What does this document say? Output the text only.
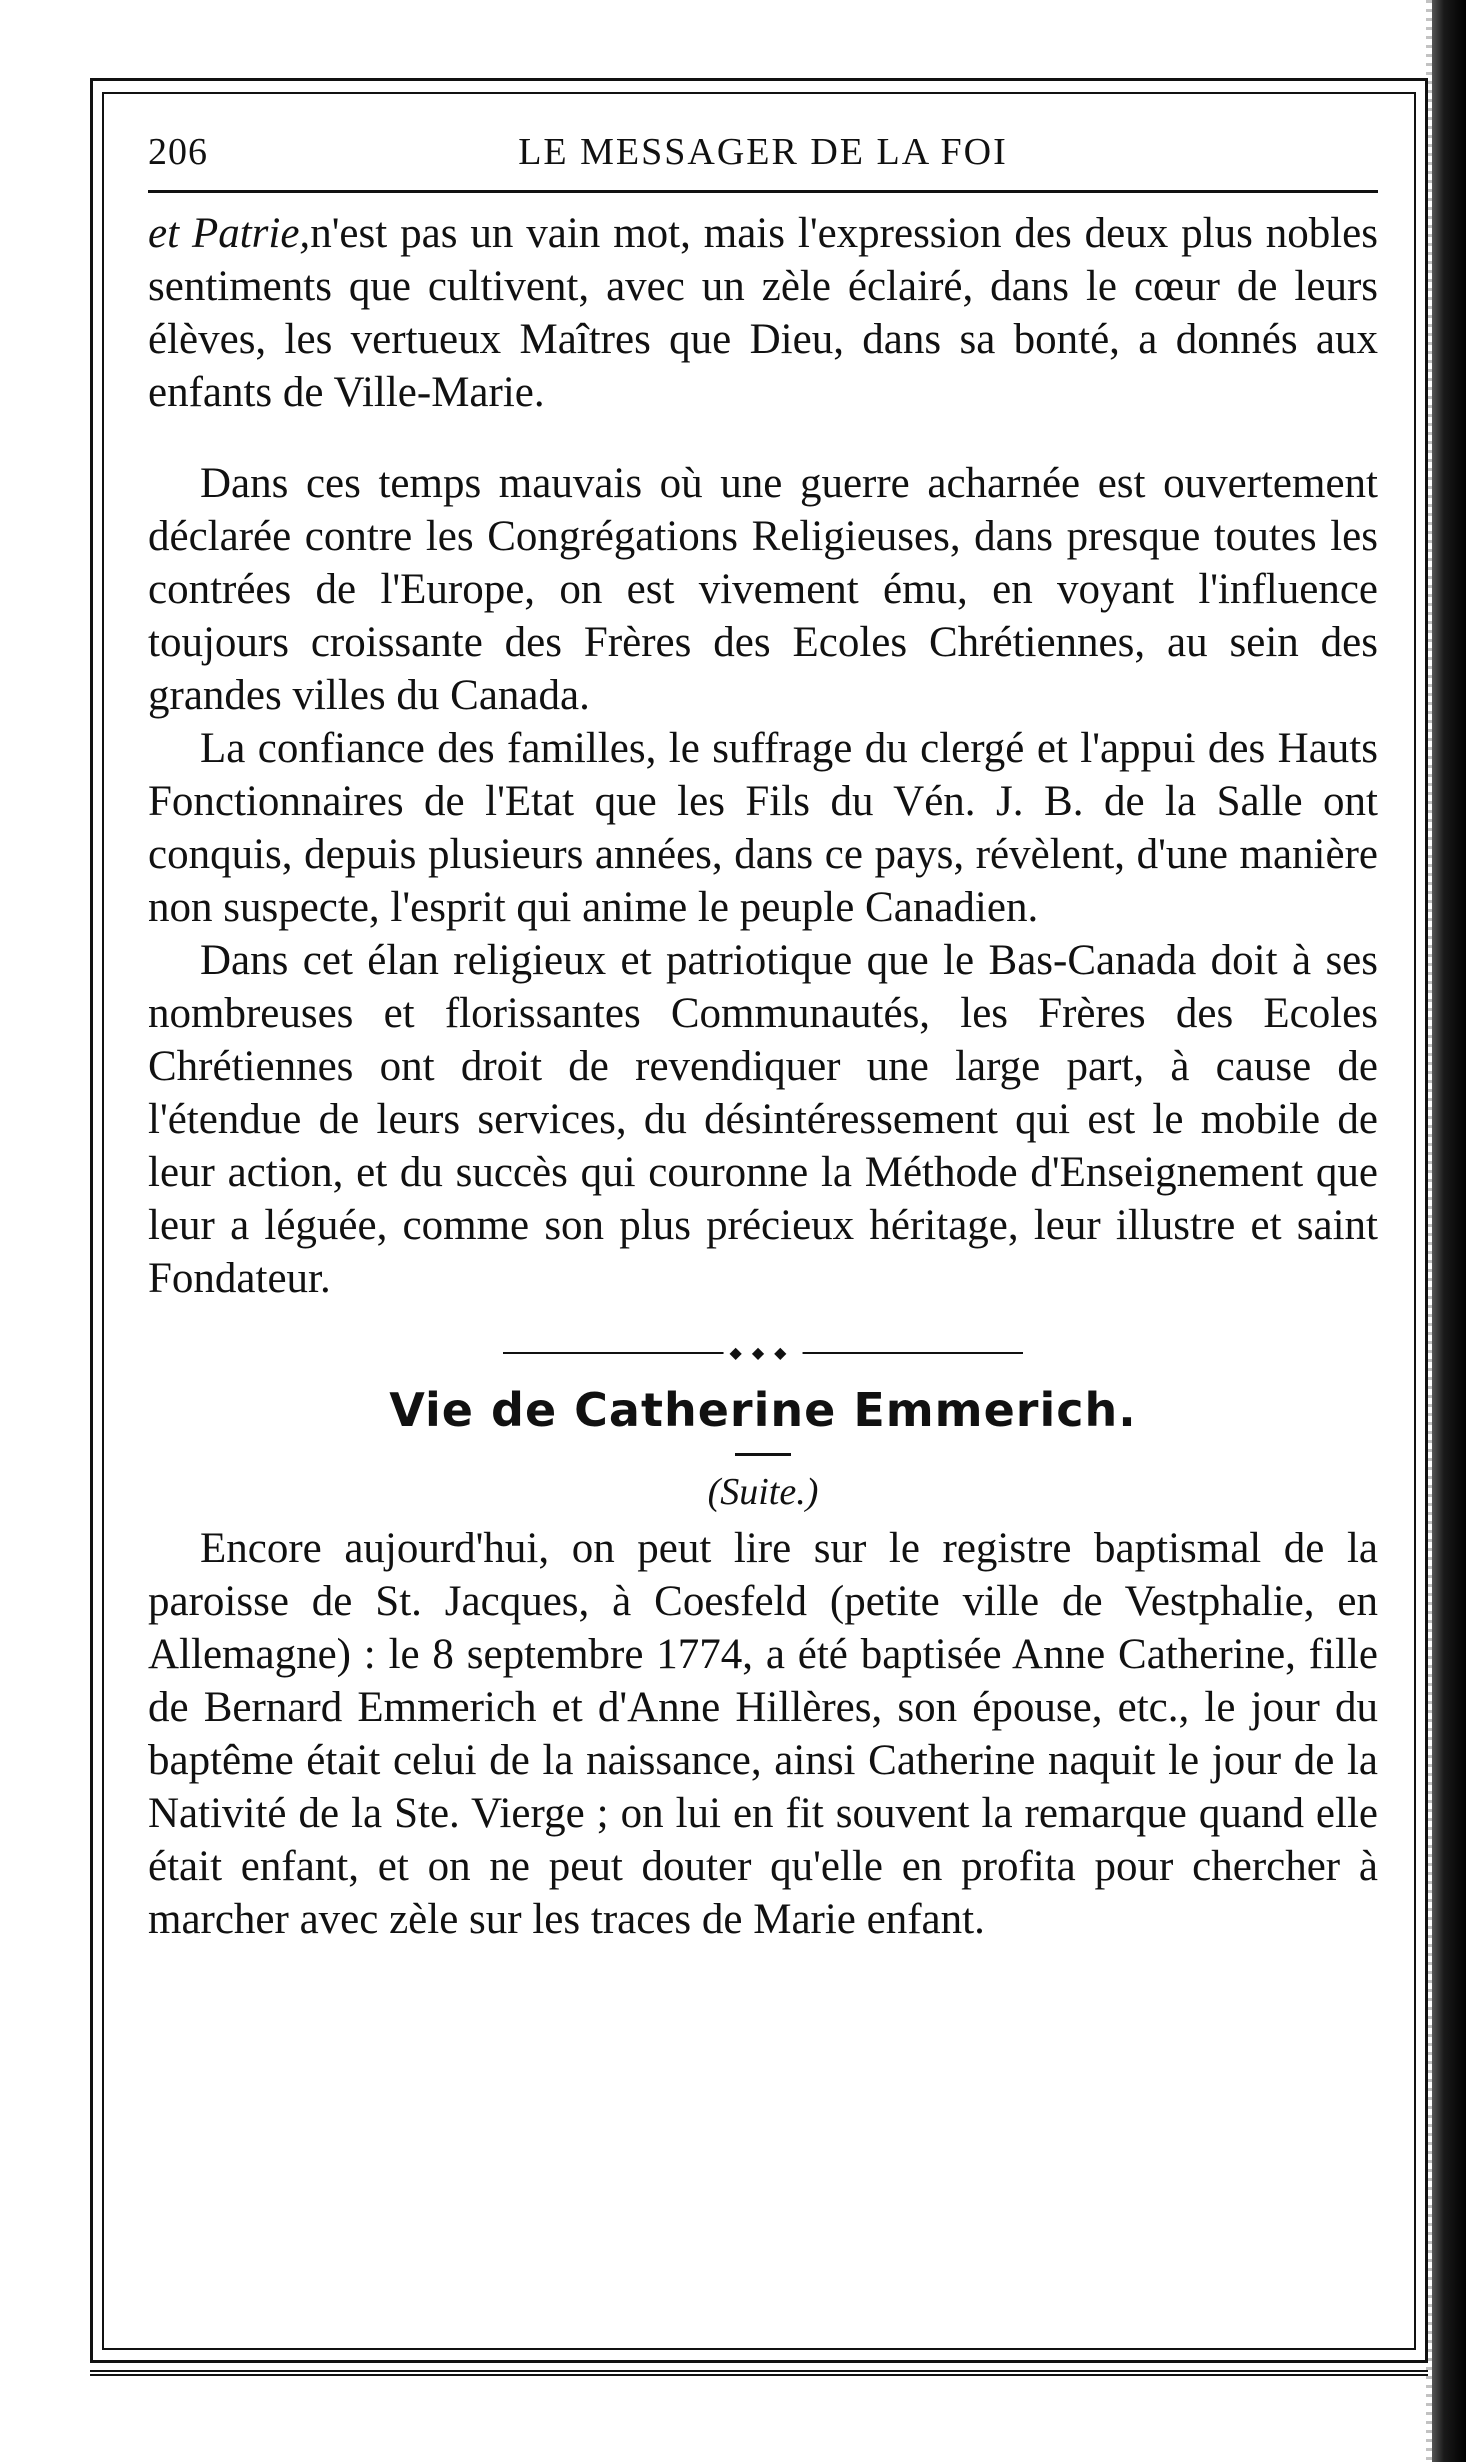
206	LE MESSAGER DE LA FOI

et Patrie,n'est pas un vain mot, mais l'expression des deux plus nobles sentiments que cultivent, avec un zèle éclairé, dans le cœur de leurs élèves, les vertueux Maîtres que Dieu, dans sa bonté, a donnés aux enfants de Ville-Marie.

Dans ces temps mauvais où une guerre acharnée est ouvertement déclarée contre les Congrégations Religieuses, dans presque toutes les contrées de l'Europe, on est vivement ému, en voyant l'influence toujours croissante des Frères des Ecoles Chrétiennes, au sein des grandes villes du Canada.

La confiance des familles, le suffrage du clergé et l'appui des Hauts Fonctionnaires de l'Etat que les Fils du Vén. J. B. de la Salle ont conquis, depuis plusieurs années, dans ce pays, révèlent, d'une manière non suspecte, l'esprit qui anime le peuple Canadien.

Dans cet élan religieux et patriotique que le Bas-Canada doit à ses nombreuses et florissantes Communautés, les Frères des Ecoles Chrétiennes ont droit de revendiquer une large part, à cause de l'étendue de leurs services, du désintéressement qui est le mobile de leur action, et du succès qui couronne la Méthode d'Enseignement que leur a léguée, comme son plus précieux héritage, leur illustre et saint Fondateur.

◆◆◆
Vie de Catherine Emmerich.

(Suite.)

Encore aujourd'hui, on peut lire sur le registre baptismal de la paroisse de St. Jacques, à Coesfeld (petite ville de Vestphalie, en Allemagne) : le 8 septembre 1774, a été baptisée Anne Catherine, fille de Bernard Emmerich et d'Anne Hillères, son épouse, etc., le jour du baptême était celui de la naissance, ainsi Catherine naquit le jour de la Nativité de la Ste. Vierge ; on lui en fit souvent la remarque quand elle était enfant, et on ne peut douter qu'elle en profita pour chercher à marcher avec zèle sur les traces de Marie enfant.
